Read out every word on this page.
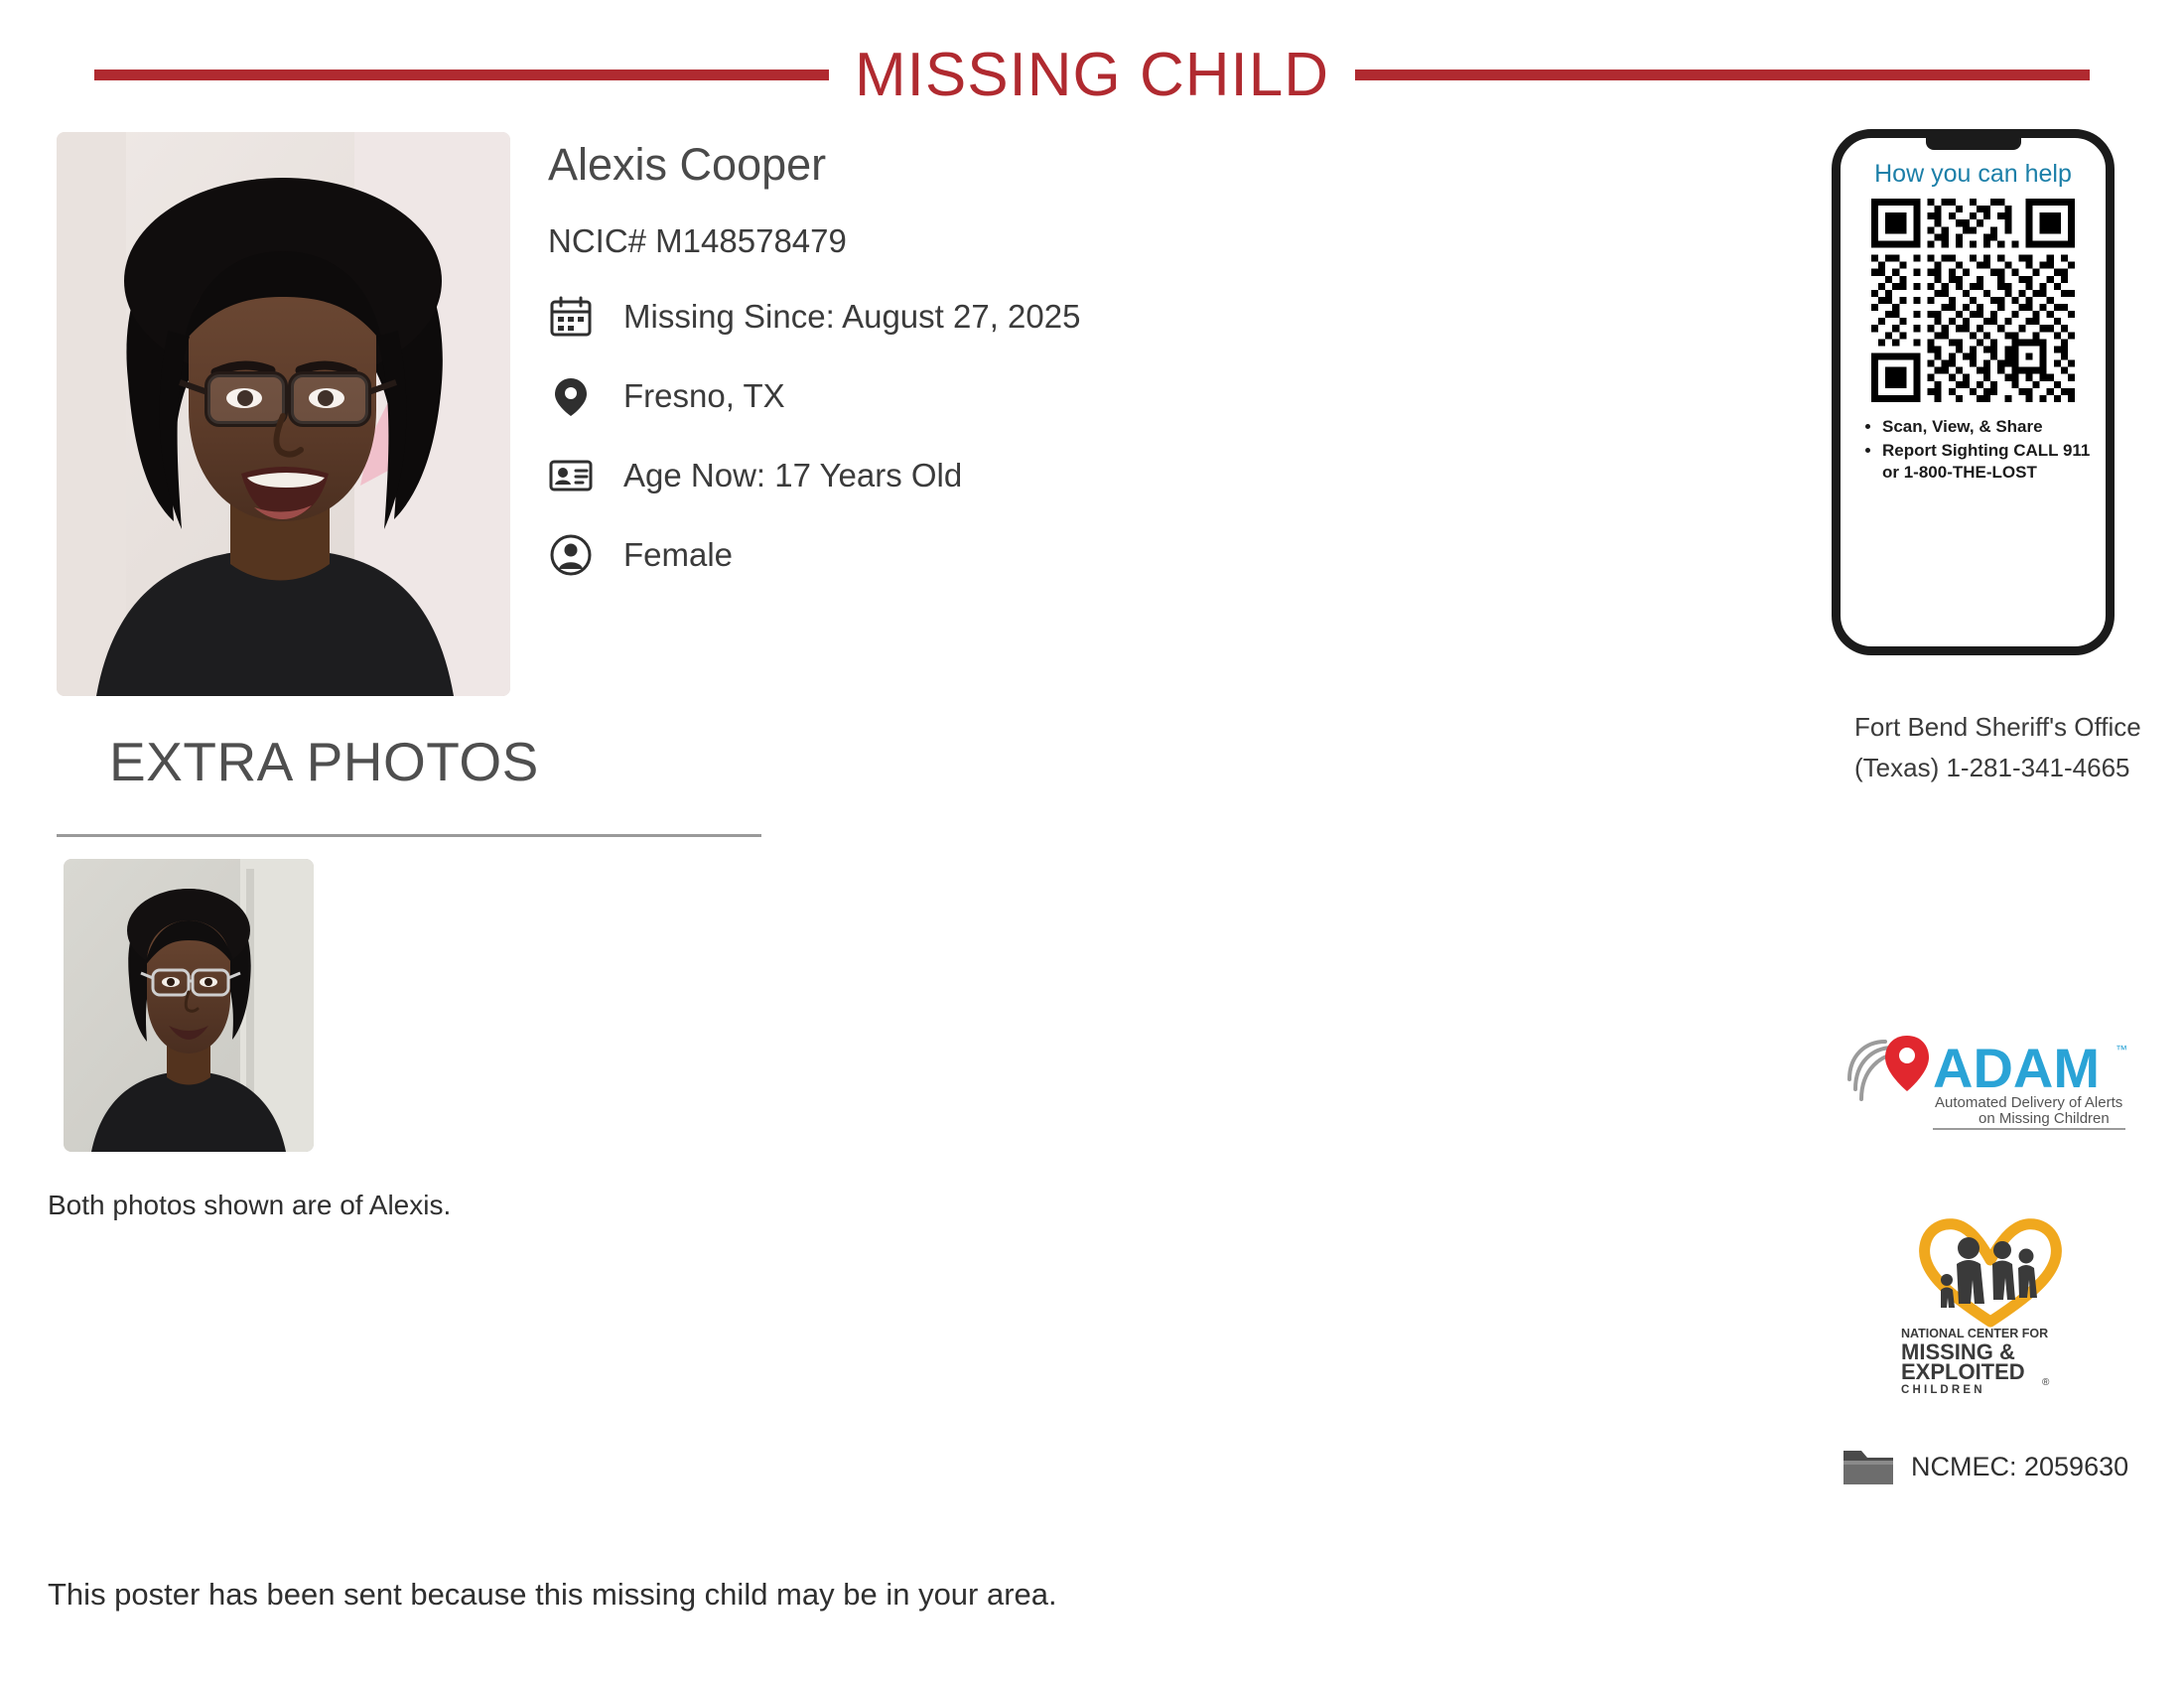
MISSING CHILD
Alexis Cooper
NCIC# M148578479
Missing Since: August 27, 2025
Fresno, TX
Age Now: 17 Years Old
Female
EXTRA PHOTOS
Both photos shown are of Alexis.
How you can help
• Scan, View, & Share
• Report Sighting CALL 911 or 1-800-THE-LOST
Fort Bend Sheriff's Office (Texas) 1-281-341-4665
ADAM ™
Automated Delivery of Alerts
on Missing Children
NATIONAL CENTER FOR
MISSING &
EXPLOITED
C H I L D R E N
®
NCMEC: 2059630
This poster has been sent because this missing child may be in your area.
